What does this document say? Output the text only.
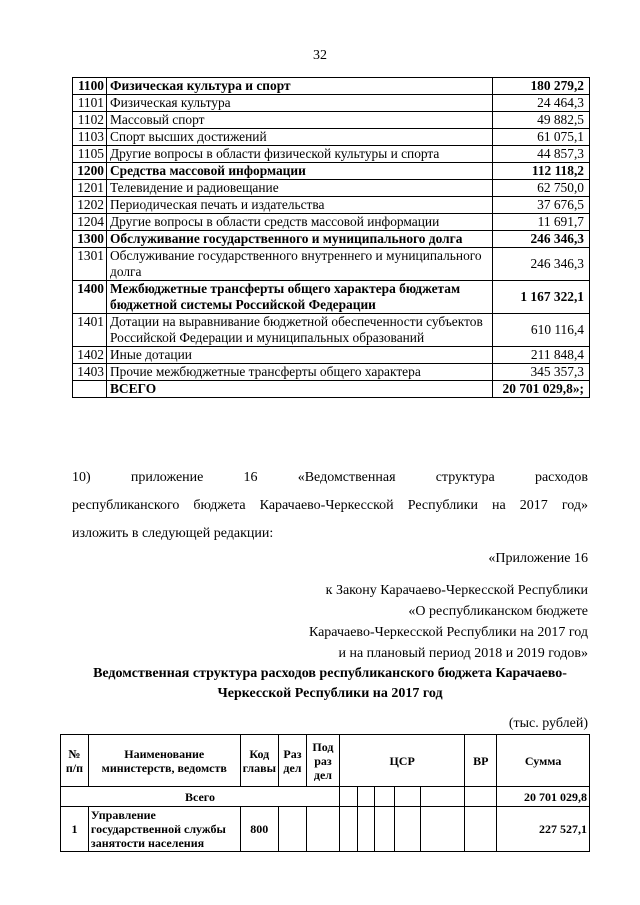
32
1100	Физическая культура и спорт	180 279,2
1101	Физическая культура	24 464,3
1102	Массовый спорт	49 882,5
1103	Спорт высших достижений	61 075,1
1105	Другие вопросы в области физической культуры и спорта	44 857,3
1200	Средства массовой информации	112 118,2
1201	Телевидение и радиовещание	62 750,0
1202	Периодическая печать и издательства	37 676,5
1204	Другие вопросы в области средств массовой информации	11 691,7
1300	Обслуживание государственного и муниципального долга	246 346,3
1301	Обслуживание государственного внутреннего и муниципального долга	246 346,3
1400	Межбюджетные трансферты общего характера бюджетам бюджетной системы Российской Федерации	1 167 322,1
1401	Дотации на выравнивание бюджетной обеспеченности субъектов Российской Федерации и муниципальных образований	610 116,4
1402	Иные дотации	211 848,4
1403	Прочие межбюджетные трансферты общего характера	345 357,3
	ВСЕГО	20 701 029,8»;
10) приложение 16 «Ведомственная структура расходов
республиканского бюджета Карачаево-Черкесской Республики на 2017 год»
изложить в следующей редакции:
«Приложение 16
к Закону Карачаево-Черкесской Республики
«О республиканском бюджете
Карачаево-Черкесской Республики на 2017 год
и на плановый период 2018 и 2019 годов»
Ведомственная структура расходов республиканского бюджета Карачаево-Черкесской Республики на 2017 год
(тыс. рублей)
№ п/п	Наименование министерств, ведомств	Код главы	Раз дел	Под раз дел	ЦСР					ВР	Сумма
Всего											20 701 029,8
1	Управление государственной службы занятости населения	800									227 527,1
